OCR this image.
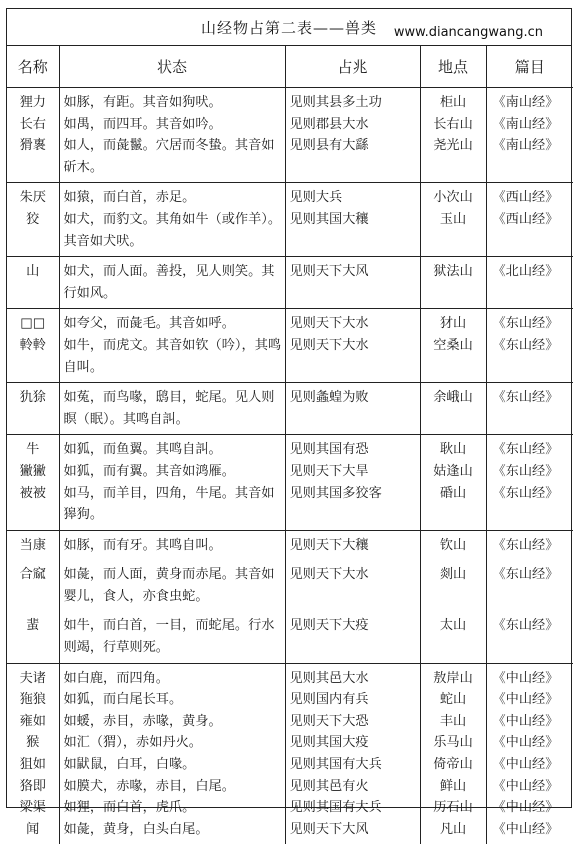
山经物占第二表——兽类	www.diancangwang.cn
名称	状态	占兆	地点	篇目
狸力	如豚，有距。其音如狗吠。	见则其县多土功	柜山	《南山经》
长右	如禺，而四耳。其音如吟。	见则郡县大水	长右山	《南山经》
猾褢	如人，而彘鬣。穴居而冬蛰。其音如斫木。	见则县有大繇	尧光山	《南山经》
朱厌	如猿，而白首，赤足。	见则大兵	小次山	《西山经》
狡	如犬，而豹文。其角如牛（或作羊）。其音如犬吠。	见则其国大穰	玉山	《西山经》
山	如犬，而人面。善投，见人则笑。其行如风。	见则天下大风	狱法山	《北山经》
□□	如夸父，而彘毛。其音如呼。	见则天下大水	犲山	《东山经》
軨軨	如牛，而虎文。其音如钦（吟），其鸣自叫。	见则天下大水	空桑山	《东山经》
犰狳	如菟，而鸟喙，鸱目，蛇尾。见人则瞑（眠）。其鸣自訆。	见则螽蝗为败	余峨山	《东山经》
牛	如狐，而鱼翼。其鸣自訆。	见则其国有恐	耿山	《东山经》
獙獙	如狐，而有翼。其音如鸿雁。	见则天下大旱	姑逢山	《东山经》
被被	如马，而羊目，四角，牛尾。其音如獆狗。	见则其国多狡客	碈山	《东山经》
当康	如豚，而有牙。其鸣自叫。	见则天下大穰	钦山	《东山经》
合窳	如彘，而人面，黄身而赤尾。其音如婴儿，食人，亦食虫蛇。	见则天下大水	剡山	《东山经》
蜚	如牛，而白首，一目，而蛇尾。行水则竭，行草则死。	见则天下大疫	太山	《东山经》
夫诸	如白鹿，而四角。	见则其邑大水	敖岸山	《中山经》
狏狼	如狐，而白尾长耳。	见则国内有兵	蛇山	《中山经》
雍如	如蝯，赤目，赤喙，黄身。	见则天下大恐	丰山	《中山经》
猴	如汇（猬），赤如丹火。	见则其国大疫	乐马山	《中山经》
狙如	如鼣鼠，白耳，白喙。	见则其国有大兵	倚帝山	《中山经》
狢即	如膜犬，赤喙，赤目，白尾。	见则其邑有火	鲜山	《中山经》
梁渠	如狸，而白首，虎爪。	见则其国有大兵	历石山	《中山经》
闻	如彘，黄身，白头白尾。	见则天下大风	凡山	《中山经》
